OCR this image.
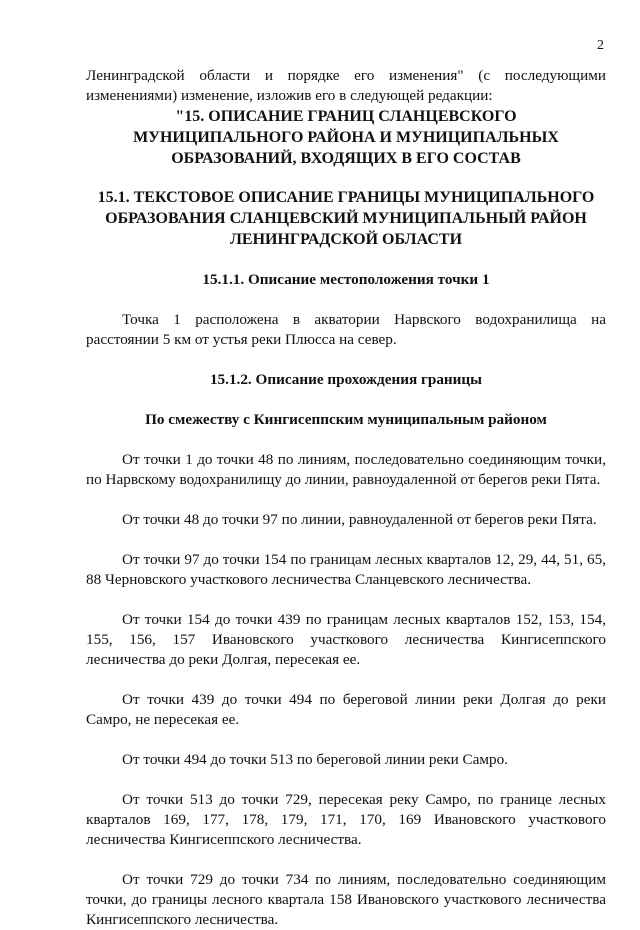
2

Ленинградской области и порядке его изменения" (с последующими изменениями) изменение, изложив его в следующей редакции:

"15. ОПИСАНИЕ ГРАНИЦ СЛАНЦЕВСКОГО
МУНИЦИПАЛЬНОГО РАЙОНА И МУНИЦИПАЛЬНЫХ
ОБРАЗОВАНИЙ, ВХОДЯЩИХ В ЕГО СОСТАВ
15.1. ТЕКСТОВОЕ ОПИСАНИЕ ГРАНИЦЫ МУНИЦИПАЛЬНОГО
ОБРАЗОВАНИЯ СЛАНЦЕВСКИЙ МУНИЦИПАЛЬНЫЙ РАЙОН
ЛЕНИНГРАДСКОЙ ОБЛАСТИ
15.1.1. Описание местоположения точки 1

Точка 1 расположена в акватории Нарвского водохранилища на расстоянии 5 км от устья реки Плюсса на север.

15.1.2. Описание прохождения границы
По смежеству с Кингисеппским муниципальным районом

От точки 1 до точки 48 по линиям, последовательно соединяющим точки, по Нарвскому водохранилищу до линии, равноудаленной от берегов реки Пята.

От точки 48 до точки 97 по линии, равноудаленной от берегов реки Пята.

От точки 97 до точки 154 по границам лесных кварталов 12, 29, 44, 51, 65, 88 Черновского участкового лесничества Сланцевского лесничества.

От точки 154 до точки 439 по границам лесных кварталов 152, 153, 154, 155, 156, 157 Ивановского участкового лесничества Кингисеппского лесничества до реки Долгая, пересекая ее.

От точки 439 до точки 494 по береговой линии реки Долгая до реки Самро, не пересекая ее.

От точки 494 до точки 513 по береговой линии реки Самро.

От точки 513 до точки 729, пересекая реку Самро, по границе лесных кварталов 169, 177, 178, 179, 171, 170, 169 Ивановского участкового лесничества Кингисеппского лесничества.

От точки 729 до точки 734 по линиям, последовательно соединяющим точки, до границы лесного квартала 158 Ивановского участкового лесничества Кингисеппского лесничества.
